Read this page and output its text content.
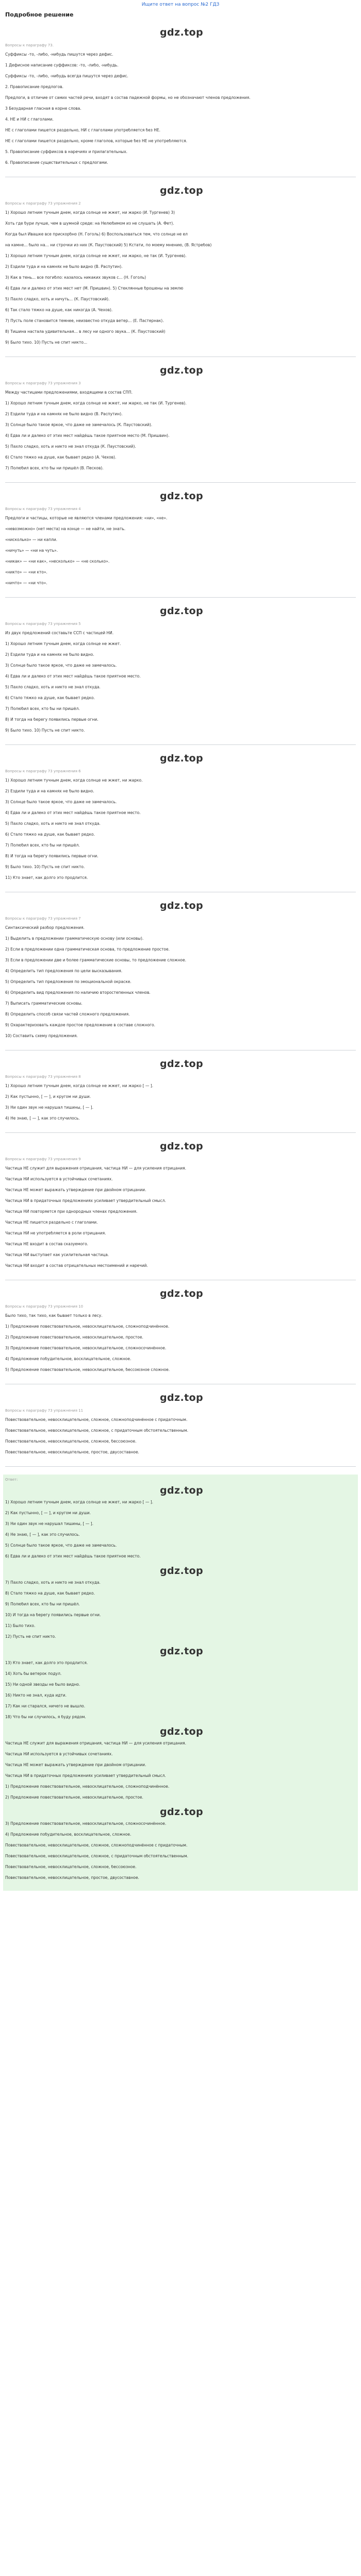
Ищите ответ на вопрос №2 ГДЗ
Подробное решение
gdz.top
Вопросы к параграфу 73.
Суффиксы -то, -либо, -нибудь пишутся через дефис.
1 Дефисное написание суффиксов: -то, -либо, -нибудь.
Суффиксы -то, -либо, -нибудь всегда пишутся через дефис.
2. Правописание предлогов.
Предлоги, в отличие от самих частей речи, входят в состав падежной формы, но не обозначают членов предложения.
3 Безударная гласная в корне слова.
4. НЕ и НИ с глаголами.
НЕ с глаголами пишется раздельно, НИ с глаголами употребляется без НЕ.
НЕ с глаголами пишется раздельно, кроме глаголов, которые без НЕ не употребляются.
5. Правописание суффиксов в наречиях и прилагательных.
6. Правописание существительных с предлогами.
gdz.top
Вопросы к параграфу 73 упражнения 2
1) Хорошо летним тучным днем, когда солнце не жжет, ни жарко (И. Тургенев) 3)
Хоть где бури лучше, чем в шумной среде: на Нелюбимом из не слушать (А. Фет).
Когда был Ивашке все прискорбно (Н. Гоголь) 6) Воспользоваться тем, что солнце не ел
на камне... было на... ни строчки из них (К. Паустовский) 5) Кстати, по моему мнению, (В. Ястребов)
1) Хорошо летним тучным днем, когда солнце не жжет, ни жарко, не так (И. Тургенев).
2) Ездили туда и на камнях не было видно (В. Распутин).
3) Как в тень... все погибло: казалось никаких звуков с... (Н. Гоголь)
4) Едва ли и далеко от этих мест нет (М. Пришвин). 5) Стеклянные брошены на землю
5) Пахло сладко, хоть и ничуть... (К. Паустовский).
6) Так стало тяжко на душе, как никогда (А. Чехов).
7) Пусть поле становится темнее, неизвестно откуда ветер... (Е. Пастернак).
8) Тишина настала удивительная... в лесу ни одного звука... (К. Паустовский)
9) Было тихо. 10) Пусть не спит никто...
gdz.top
Вопросы к параграфу 73 упражнения 3
Между частицами предложениями, входящими в состав СПП.
1) Хорошо летним тучным днем, когда солнце не жжет, ни жарко, не так (И. Тургенев).
2) Ездили туда и на камнях не было видно (В. Распутин).
3) Солнце было такое яркое, что даже не замечалось (К. Паустовский).
4) Едва ли и далеко от этих мест найдёшь такое приятное место (М. Пришвин).
5) Пахло сладко, хоть и никто не знал откуда (К. Паустовский).
6) Стало тяжко на душе, как бывает редко (А. Чехов).
7) Полюбил всех, кто бы ни пришёл (В. Песков).
gdz.top
Вопросы к параграфу 73 упражнения 4
Предлоги и частицы, которые не являются членами предложения: «ни», «не».
«невозможно» (нет места) на конце — не найти, не знать.
«нисколько» — ни капли.
«ничуть» — «ни на чуть».
«никак» — «ни как», «несколько» — «не сколько».
«никто» — «ни кто».
«ничто» — «ни что».
gdz.top
Вопросы к параграфу 73 упражнения 5
Из двух предложений составьте ССП с частицей НИ.
1) Хорошо летним тучным днем, когда солнце не жжет.
2) Ездили туда и на камнях не было видно.
3) Солнце было такое яркое, что даже не замечалось.
4) Едва ли и далеко от этих мест найдёшь такое приятное место.
5) Пахло сладко, хоть и никто не знал откуда.
6) Стало тяжко на душе, как бывает редко.
7) Полюбил всех, кто бы ни пришёл.
8) И тогда на берегу появились первые огни.
9) Было тихо. 10) Пусть не спит никто.
gdz.top
Вопросы к параграфу 73 упражнения 6
1) Хорошо летним тучным днем, когда солнце не жжет, ни жарко.
2) Ездили туда и на камнях не было видно.
3) Солнце было такое яркое, что даже не замечалось.
4) Едва ли и далеко от этих мест найдёшь такое приятное место.
5) Пахло сладко, хоть и никто не знал откуда.
6) Стало тяжко на душе, как бывает редко.
7) Полюбил всех, кто бы ни пришёл.
8) И тогда на берегу появились первые огни.
9) Было тихо. 10) Пусть не спит никто.
11) Кто знает, как долго это продлится.
gdz.top
Вопросы к параграфу 73 упражнения 7
Синтаксический разбор предложения.
1) Выделить в предложении грамматическую основу (или основы).
2) Если в предложении одна грамматическая основа, то предложение простое.
3) Если в предложении две и более грамматические основы, то предложение сложное.
4) Определить тип предложения по цели высказывания.
5) Определить тип предложения по эмоциональной окраске.
6) Определить вид предложения по наличию второстепенных членов.
7) Выписать грамматические основы.
8) Определить способ связи частей сложного предложения.
9) Охарактеризовать каждое простое предложение в составе сложного.
10) Составить схему предложения.
gdz.top
Вопросы к параграфу 73 упражнения 8
1) Хорошо летним тучным днем, когда солнце не жжет, ни жарко [ — ].
2) Как пустынно, [ — ], и кругом ни души.
3) Ни один звук не нарушал тишины, [ — ].
4) Не знаю, [ — ], как это случилось.
gdz.top
Вопросы к параграфу 73 упражнения 9
Частица НЕ служит для выражения отрицания, частица НИ — для усиления отрицания.
Частица НИ используется в устойчивых сочетаниях.
Частица НЕ может выражать утверждение при двойном отрицании.
Частица НИ в придаточных предложениях усиливает утвердительный смысл.
Частица НИ повторяется при однородных членах предложения.
Частица НЕ пишется раздельно с глаголами.
Частица НИ не употребляется в роли отрицания.
Частица НЕ входит в состав сказуемого.
Частица НИ выступает как усилительная частица.
Частица НИ входит в состав отрицательных местоимений и наречий.
gdz.top
Вопросы к параграфу 73 упражнения 10
Было тихо, так тихо, как бывает только в лесу.
1) Предложение повествовательное, невосклицательное, сложноподчинённое.
2) Предложение повествовательное, невосклицательное, простое.
3) Предложение повествовательное, невосклицательное, сложносочинённое.
4) Предложение побудительное, восклицательное, сложное.
5) Предложение повествовательное, невосклицательное, бессоюзное сложное.
gdz.top
Вопросы к параграфу 73 упражнения 11
Повествовательное, невосклицательное, сложное, сложноподчинённое с придаточным.
Повествовательное, невосклицательное, сложное, с придаточным обстоятельственным.
Повествовательное, невосклицательное, сложное, бессоюзное.
Повествовательное, невосклицательное, простое, двусоставное.
Ответ:
gdz.top
1) Хорошо летним тучным днем, когда солнце не жжет, ни жарко [ — ].
2) Как пустынно, [ — ], и кругом ни души.
3) Ни один звук не нарушал тишины, [ — ].
4) Не знаю, [ — ], как это случилось.
5) Солнце было такое яркое, что даже не замечалось.
6) Едва ли и далеко от этих мест найдёшь такое приятное место.
gdz.top
7) Пахло сладко, хоть и никто не знал откуда.
8) Стало тяжко на душе, как бывает редко.
9) Полюбил всех, кто бы ни пришёл.
10) И тогда на берегу появились первые огни.
11) Было тихо.
12) Пусть не спит никто.
gdz.top
13) Кто знает, как долго это продлится.
14) Хоть бы ветерок подул.
15) Ни одной звезды не было видно.
16) Никто не знал, куда идти.
17) Как ни старался, ничего не вышло.
18) Что бы ни случилось, я буду рядом.
gdz.top
Частица НЕ служит для выражения отрицания, частица НИ — для усиления отрицания.
Частица НИ используется в устойчивых сочетаниях.
Частица НЕ может выражать утверждение при двойном отрицании.
Частица НИ в придаточных предложениях усиливает утвердительный смысл.
1) Предложение повествовательное, невосклицательное, сложноподчинённое.
2) Предложение повествовательное, невосклицательное, простое.
gdz.top
3) Предложение повествовательное, невосклицательное, сложносочинённое.
4) Предложение побудительное, восклицательное, сложное.
Повествовательное, невосклицательное, сложное, сложноподчинённое с придаточным.
Повествовательное, невосклицательное, сложное, с придаточным обстоятельственным.
Повествовательное, невосклицательное, сложное, бессоюзное.
Повествовательное, невосклицательное, простое, двусоставное.
